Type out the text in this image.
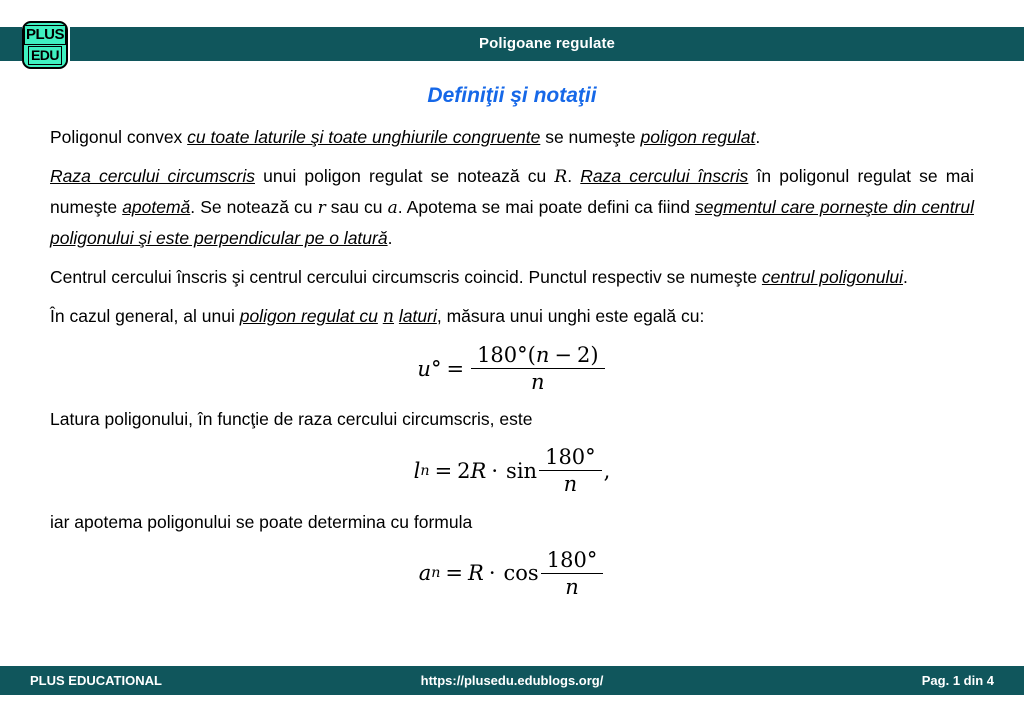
Poligoane regulate
PLUS
EDU
Definiţii şi notaţii

Poligonul convex cu toate laturile şi toate unghiurile congruente se numeşte poligon regulat.

Raza cercului circumscris unui poligon regulat se notează cu R. Raza cercului înscris în poligonul regulat se mai numeşte apotemă. Se notează cu r sau cu a. Apotema se mai poate defini ca fiind segmentul care porneşte din centrul poligonului şi este perpendicular pe o latură.

Centrul cercului înscris şi centrul cercului circumscris coincid. Punctul respectiv se numeşte centrul poligonului.

În cazul general, al unui poligon regulat cu n laturi, măsura unui unghi este egală cu:

u ° = $\frac{180^\circ(n - 2)}{n}$

Latura poligonului, în funcţie de raza cercului circumscris, este

l n = 2 $R \cdot \sin \frac{180^\circ}{n}$ ,

iar apotema poligonului se poate determina cu formula

a $n = R \cdot \cos \frac{180^\circ}{n}$
https://plusedu.edublogs.org/
PLUS EDUCATIONAL	Pag. 1 din 4
